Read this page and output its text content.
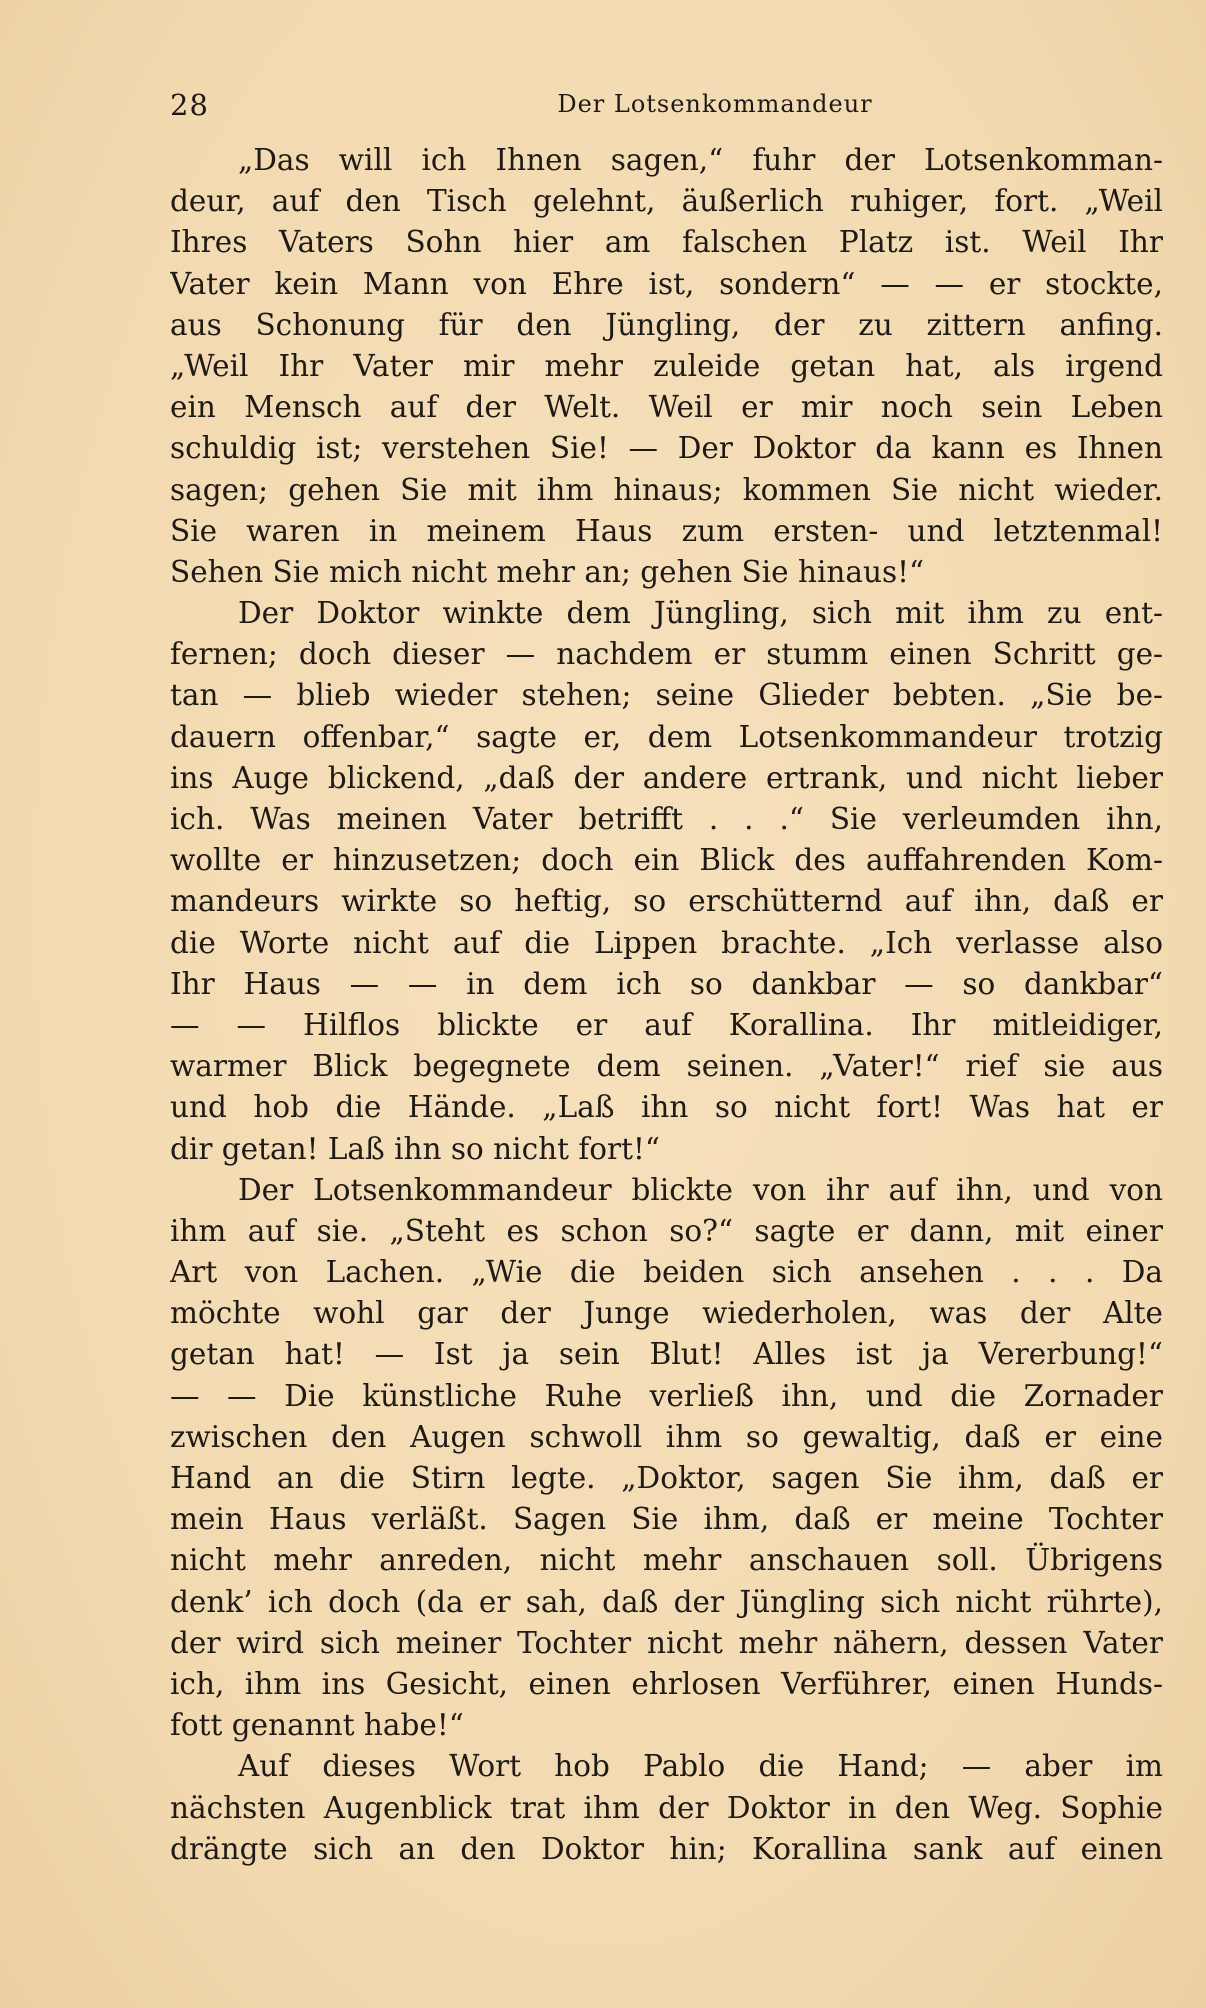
28	Der Lotsenkommandeur
„Das will ich Ihnen sagen,“ fuhr der Lotsenkomman-
deur, auf den Tisch gelehnt, äußerlich ruhiger, fort. „Weil
Ihres Vaters Sohn hier am falschen Platz ist. Weil Ihr
Vater kein Mann von Ehre ist, sondern“ — — er stockte,
aus Schonung für den Jüngling, der zu zittern anfing.
„Weil Ihr Vater mir mehr zuleide getan hat, als irgend
ein Mensch auf der Welt. Weil er mir noch sein Leben
schuldig ist; verstehen Sie! — Der Doktor da kann es Ihnen
sagen; gehen Sie mit ihm hinaus; kommen Sie nicht wieder.
Sie waren in meinem Haus zum ersten- und letztenmal!
Sehen Sie mich nicht mehr an; gehen Sie hinaus!“
Der Doktor winkte dem Jüngling, sich mit ihm zu ent-
fernen; doch dieser — nachdem er stumm einen Schritt ge-
tan — blieb wieder stehen; seine Glieder bebten. „Sie be-
dauern offenbar,“ sagte er, dem Lotsenkommandeur trotzig
ins Auge blickend, „daß der andere ertrank, und nicht lieber
ich. Was meinen Vater betrifft . . .“ Sie verleumden ihn,
wollte er hinzusetzen; doch ein Blick des auffahrenden Kom-
mandeurs wirkte so heftig, so erschütternd auf ihn, daß er
die Worte nicht auf die Lippen brachte. „Ich verlasse also
Ihr Haus — — in dem ich so dankbar — so dankbar“
— — Hilflos blickte er auf Korallina. Ihr mitleidiger,
warmer Blick begegnete dem seinen. „Vater!“ rief sie aus
und hob die Hände. „Laß ihn so nicht fort! Was hat er
dir getan! Laß ihn so nicht fort!“
Der Lotsenkommandeur blickte von ihr auf ihn, und von
ihm auf sie. „Steht es schon so?“ sagte er dann, mit einer
Art von Lachen. „Wie die beiden sich ansehen . . . Da
möchte wohl gar der Junge wiederholen, was der Alte
getan hat! — Ist ja sein Blut! Alles ist ja Vererbung!“
— — Die künstliche Ruhe verließ ihn, und die Zornader
zwischen den Augen schwoll ihm so gewaltig, daß er eine
Hand an die Stirn legte. „Doktor, sagen Sie ihm, daß er
mein Haus verläßt. Sagen Sie ihm, daß er meine Tochter
nicht mehr anreden, nicht mehr anschauen soll. Übrigens
denk’ ich doch (da er sah, daß der Jüngling sich nicht rührte),
der wird sich meiner Tochter nicht mehr nähern, dessen Vater
ich, ihm ins Gesicht, einen ehrlosen Verführer, einen Hunds-
fott genannt habe!“
Auf dieses Wort hob Pablo die Hand; — aber im
nächsten Augenblick trat ihm der Doktor in den Weg. Sophie
drängte sich an den Doktor hin; Korallina sank auf einen
